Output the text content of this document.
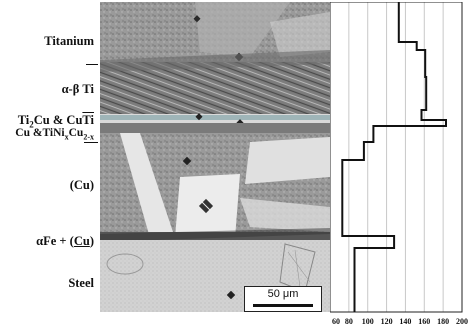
Titanium
α-β Ti
$Ti_2Cu$ & $Cu\overline{Ti}$
Cu $\&TiNi_xCu_{2-x}$
(Cu)
αFe + (Cu)
Steel
50 μm
60 80 100 120 140 160 180 200
